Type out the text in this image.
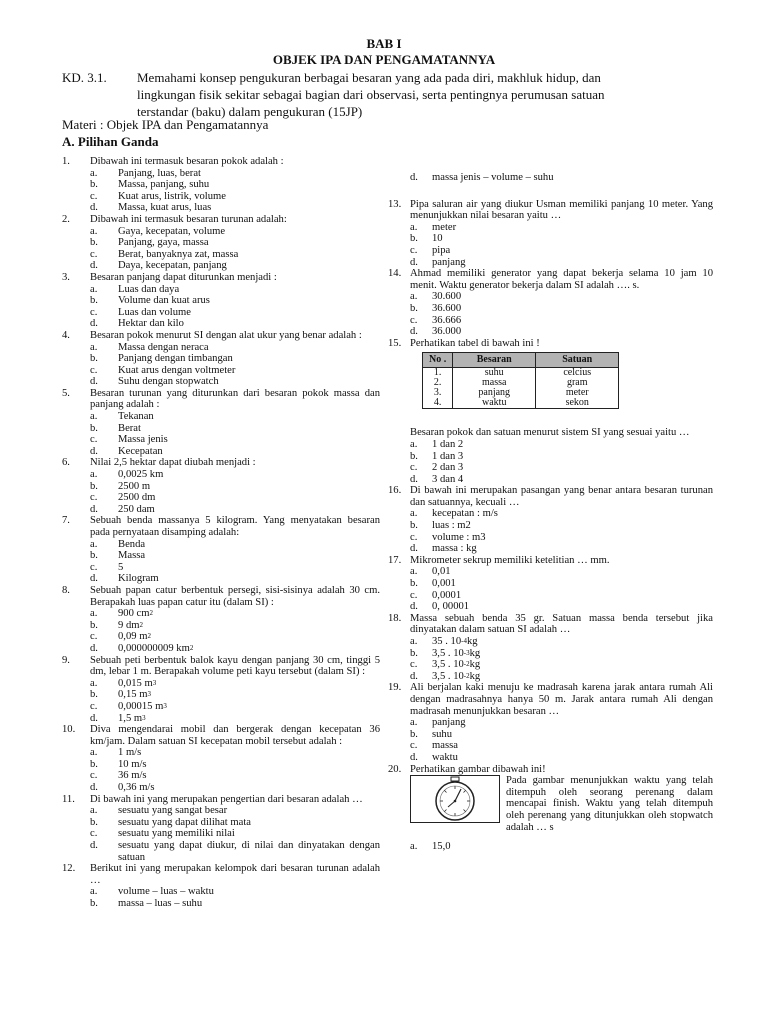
BAB I
OBJEK IPA DAN PENGAMATANNYA
KD. 3.1. Memahami konsep pengukuran berbagai besaran yang ada pada diri, makhluk hidup, dan
lingkungan fisik sekitar sebagai bagian dari observasi, serta pentingnya perumusan satuan
terstandar (baku) dalam pengukuran (15JP)
Materi : Objek IPA dan Pengamatannya
A. Pilihan Ganda
1.	Dibawah ini termasuk besaran pokok adalah :
a.	Panjang, luas, berat
b.	Massa, panjang, suhu
c.	Kuat arus, listrik, volume
d.	Massa, kuat arus, luas
2.	Dibawah ini termasuk besaran turunan adalah:
a.	Gaya, kecepatan, volume
b.	Panjang, gaya, massa
c.	Berat, banyaknya zat, massa
d.	Daya, kecepatan, panjang
3.	Besaran panjang dapat diturunkan menjadi :
a.	Luas dan daya
b.	Volume dan kuat arus
c.	Luas dan volume
d.	Hektar dan kilo
4.	Besaran pokok menurut SI dengan alat ukur yang benar adalah :
a.	Massa dengan neraca
b.	Panjang dengan timbangan
c.	Kuat arus dengan voltmeter
d.	Suhu dengan stopwatch
5.	Besaran turunan yang diturunkan dari besaran pokok massa dan panjang adalah :
a.	Tekanan
b.	Berat
c.	Massa jenis
d.	Kecepatan
6.	Nilai 2,5 hektar dapat diubah menjadi :
a.	0,0025 km
b.	2500 m
c.	2500 dm
d.	250 dam
7.	Sebuah benda massanya 5 kilogram. Yang menyatakan besaran pada pernyataan disamping adalah:
a.	Benda
b.	Massa
c.	5
d.	Kilogram
8.	Sebuah papan catur berbentuk persegi, sisi-sisinya adalah 30 cm. Berapakah luas papan catur itu (dalam SI) :
a.	900 cm 2
b.	9 dm 2
c.	0,09 m 2
d.	0,000000009 km 2
9.	Sebuah peti berbentuk balok kayu dengan panjang 30 cm, tinggi 5 dm, lebar 1 m. Berapakah volume peti kayu tersebut (dalam SI) :
a.	0,015 m 3
b.	0,15 m 3
c.	0,00015 m 3
d.	1,5 m 3
10.	Diva mengendarai mobil dan bergerak dengan kecepatan 36 km/jam. Dalam satuan SI kecepatan mobil tersebut adalah :
a.	1 m/s
b.	10 m/s
c.	36 m/s
d.	0,36 m/s
11.	Di bawah ini yang merupakan pengertian dari besaran adalah …
a.	sesuatu yang sangat besar
b.	sesuatu yang dapat dilihat mata
c.	sesuatu yang memiliki nilai
d.	sesuatu yang dapat diukur, di nilai dan dinyatakan dengan satuan
12.	Berikut ini yang merupakan kelompok dari besaran turunan adalah …
a.	volume – luas – waktu
b.	massa – luas – suhu
d.	massa jenis – volume – suhu
13. Pipa saluran air yang diukur Usman memiliki panjang 10 meter. Yang menunjukkan nilai besaran yaitu …
a.	meter
b.	10
c.	pipa
d.	panjang
14. Ahmad memiliki generator yang dapat bekerja selama 10 jam 10 menit. Waktu generator bekerja dalam SI adalah …. s.
a.	30.600
b.	36.600
c.	36.666
d.	36.000
15. Perhatikan tabel di bawah ini !
No .	Besaran	Satuan
1.	suhu	celcius
2.	massa	gram
3.	panjang	meter
4.	waktu	sekon
Besaran pokok dan satuan menurut sistem SI yang sesuai yaitu …
a.	1 dan 2
b.	1 dan 3
c.	2 dan 3
d.	3 dan 4
16. Di bawah ini merupakan pasangan yang benar antara besaran turunan dan satuannya, kecuali …
a.	kecepatan : m/s
b.	luas : m2
c.	volume : m3
d.	massa : kg
17. Mikrometer sekrup memiliki ketelitian … mm.
a.	0,01
b.	0,001
c.	0,0001
d.	0, 00001
18. Massa sebuah benda 35 gr. Satuan massa benda tersebut jika dinyatakan dalam satuan SI adalah …
a.	35 . 10 -4 kg
b.	3,5 . 10 -3 kg
c.	3,5 . 10 -2 kg
d.	3,5 . 10 -2 kg
19. Ali berjalan kaki menuju ke madrasah karena jarak antara rumah Ali dengan madrasahnya hanya 50 m. Jarak antara rumah Ali dengan madrasah menunjukkan besaran …
a.	panjang
b.	suhu
c.	massa
d.	waktu
20. Perhatikan gambar dibawah ini!
Pada gambar menunjukkan waktu yang telah ditempuh oleh seorang perenang dalam mencapai finish. Waktu yang telah ditempuh oleh perenang yang ditunjukkan oleh stopwatch adalah … s
a.	15,0
